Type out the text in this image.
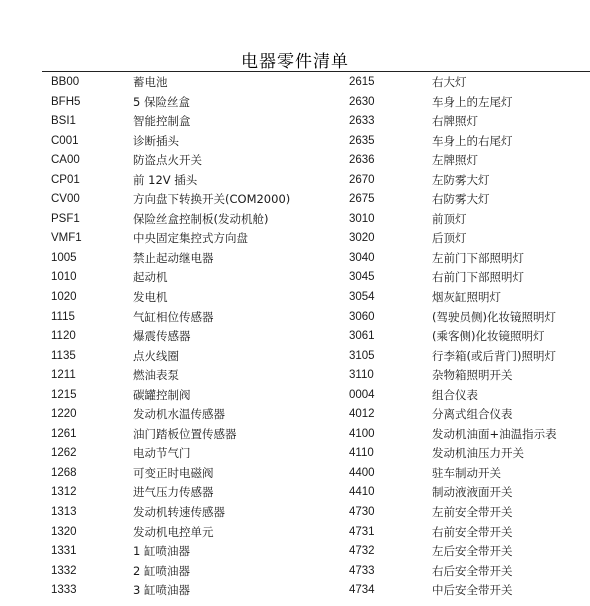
电器零件清单
BB00	蓄电池	2615	右大灯
BFH5	5 保险丝盒	2630	车身上的左尾灯
BSI1	智能控制盒	2633	右牌照灯
C001	诊断插头	2635	车身上的右尾灯
CA00	防盗点火开关	2636	左牌照灯
CP01	前 12V 插头	2670	左防雾大灯
CV00	方向盘下转换开关(COM2000)	2675	右防雾大灯
PSF1	保险丝盒控制板(发动机舱)	3010	前顶灯
VMF1	中央固定集控式方向盘	3020	后顶灯
1005	禁止起动继电器	3040	左前门下部照明灯
1010	起动机	3045	右前门下部照明灯
1020	发电机	3054	烟灰缸照明灯
1115	气缸相位传感器	3060	(驾驶员侧)化妆镜照明灯
1120	爆震传感器	3061	(乘客侧)化妆镜照明灯
1135	点火线圈	3105	行李箱(或后背门)照明灯
1211	燃油表泵	3110	杂物箱照明开关
1215	碳罐控制阀	0004	组合仪表
1220	发动机水温传感器	4012	分离式组合仪表
1261	油门踏板位置传感器	4100	发动机油面+油温指示表
1262	电动节气门	4110	发动机油压力开关
1268	可变正时电磁阀	4400	驻车制动开关
1312	进气压力传感器	4410	制动液液面开关
1313	发动机转速传感器	4730	左前安全带开关
1320	发动机电控单元	4731	右前安全带开关
1331	1 缸喷油器	4732	左后安全带开关
1332	2 缸喷油器	4733	右后安全带开关
1333	3 缸喷油器	4734	中后安全带开关
